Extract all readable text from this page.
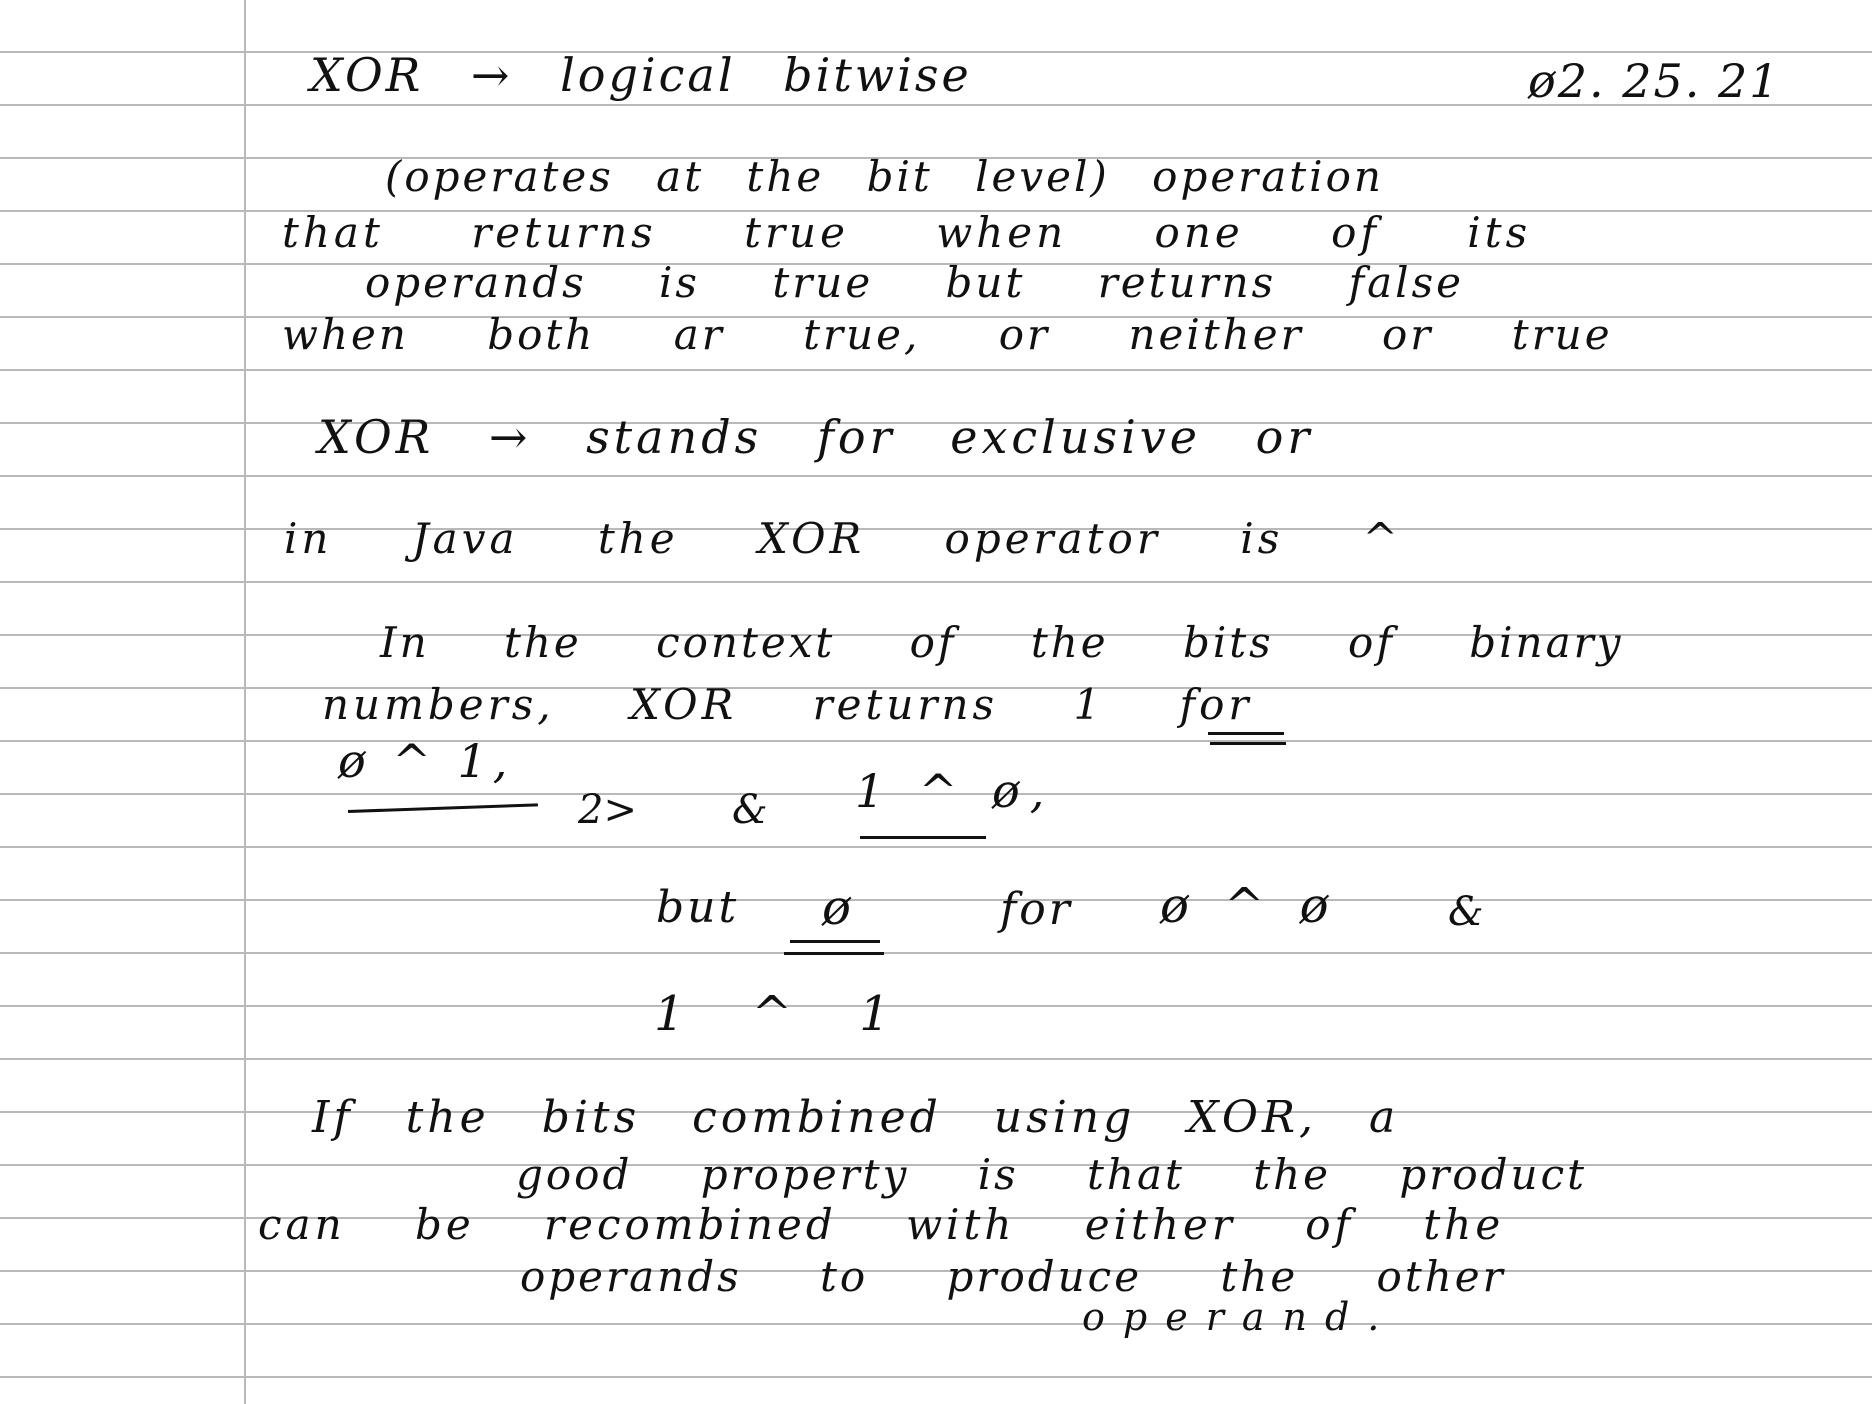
XOR → logical bitwise	ø2. 25. 21
(operates at the bit level) operation
that returns true when one of its
operands is true but returns false
when both ar true, or neither or true
XOR → stands for exclusive or
in Java the XOR operator is ^
In the context of the bits of binary
numbers, XOR returns 1 for
ø ^ 1,
2> & 1 ^ ø,
but ø	for ø ^ ø	&
1 ^ 1
If the bits combined using XOR, a
good property is that the product
can be recombined with either of the
operands to produce the other
operand.
